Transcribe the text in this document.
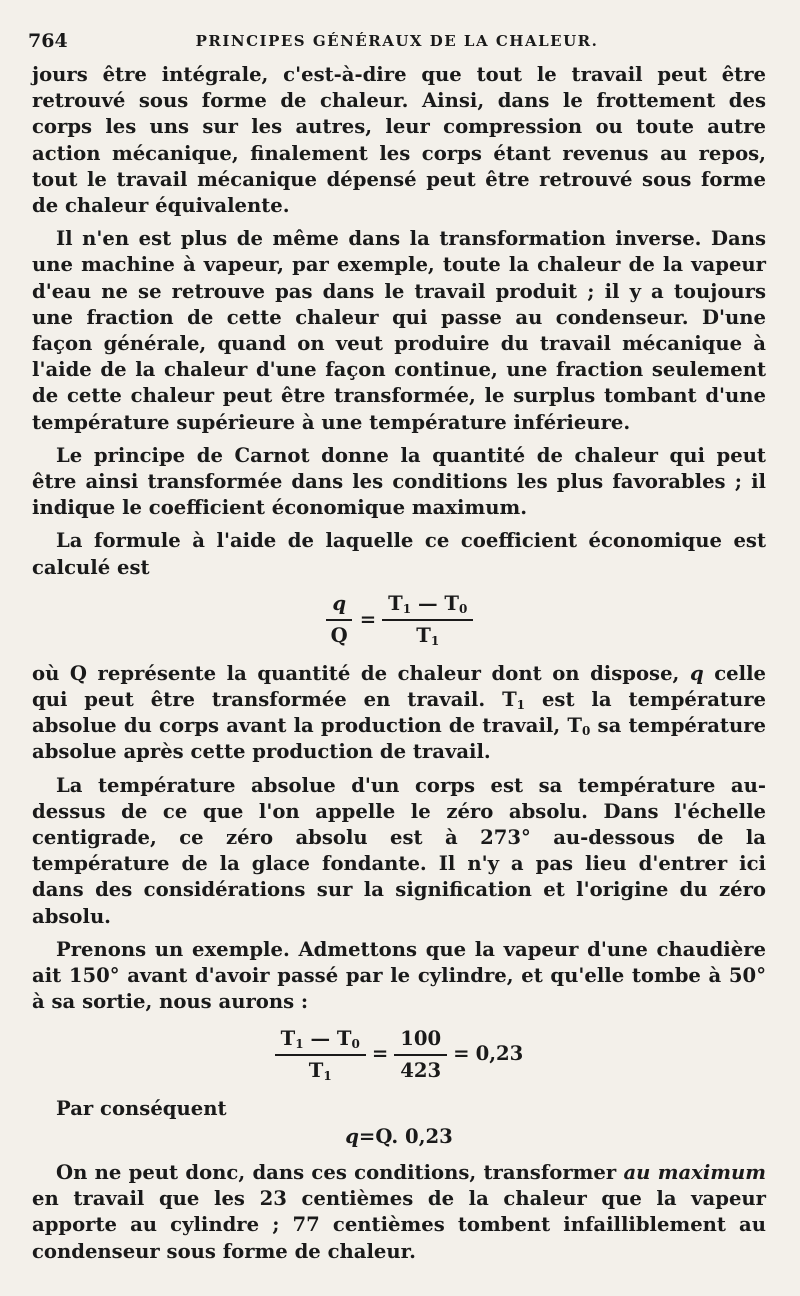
764	PRINCIPES GÉNÉRAUX DE LA CHALEUR.

jours être intégrale, c'est-à-dire que tout le travail peut être retrouvé sous forme de chaleur. Ainsi, dans le frottement des corps les uns sur les autres, leur compression ou toute autre action mécanique, finalement les corps étant revenus au repos, tout le travail mécanique dépensé peut être retrouvé sous forme de chaleur équivalente.

Il n'en est plus de même dans la transformation inverse. Dans une machine à vapeur, par exemple, toute la chaleur de la vapeur d'eau ne se retrouve pas dans le travail produit ; il y a toujours une fraction de cette chaleur qui passe au condenseur. D'une façon générale, quand on veut produire du travail mécanique à l'aide de la chaleur d'une façon continue, une fraction seulement de cette chaleur peut être transformée, le surplus tombant d'une température supérieure à une température inférieure.

Le principe de Carnot donne la quantité de chaleur qui peut être ainsi transformée dans les conditions les plus favorables ; il indique le coefficient économique maximum.

La formule à l'aide de laquelle ce coefficient économique est calculé est

$\frac{q}{Q} = \frac{T_1 — T_0}{T_1}$

où Q représente la quantité de chaleur dont on dispose, q celle qui peut être transformée en travail. $T_1$ est la température absolue du corps avant la production de travail, $T_0$ sa température absolue après cette production de travail.

La température absolue d'un corps est sa température au-dessus de ce que l'on appelle le zéro absolu. Dans l'échelle centigrade, ce zéro absolu est à 273° au-dessous de la température de la glace fondante. Il n'y a pas lieu d'entrer ici dans des considérations sur la signification et l'origine du zéro absolu.

Prenons un exemple. Admettons que la vapeur d'une chaudière ait 150° avant d'avoir passé par le cylindre, et qu'elle tombe à 50° à sa sortie, nous aurons :

$\frac{T_1 — T_0}{T_1} = \frac{100}{423} = 0,23$

Par conséquent

q =Q. 0,23

On ne peut donc, dans ces conditions, transformer au maximum en travail que les 23 centièmes de la chaleur que la vapeur apporte au cylindre ; 77 centièmes tombent infailliblement au condenseur sous forme de chaleur.
